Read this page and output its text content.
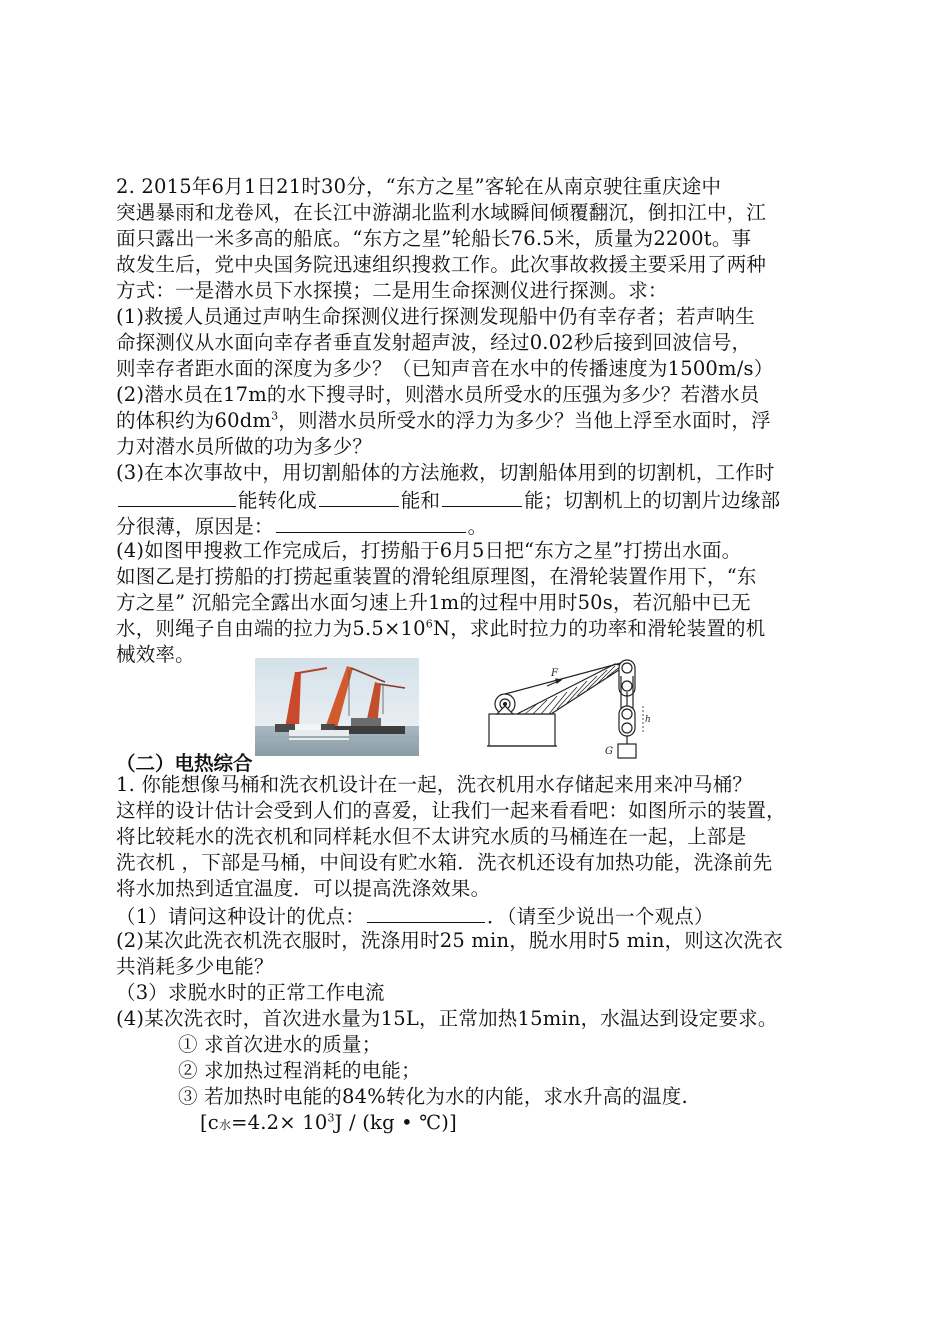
2. 2015年6月1日21时30分，“东方之星”客轮在从南京驶往重庆途中
突遇暴雨和龙卷风，在长江中游湖北监利水域瞬间倾覆翻沉，倒扣江中，江
面只露出一米多高的船底。“东方之星”轮船长76.5米，质量为2200t。事
故发生后，党中央国务院迅速组织搜救工作。此次事故救援主要采用了两种
方式：一是潜水员下水探摸；二是用生命探测仪进行探测。求：
(1)救援人员通过声呐生命探测仪进行探测发现船中仍有幸存者；若声呐生
命探测仪从水面向幸存者垂直发射超声波，经过0.02秒后接到回波信号，
则幸存者距水面的深度为多少？（已知声音在水中的传播速度为1500m/s）
(2)潜水员在17m的水下搜寻时，则潜水员所受水的压强为多少？若潜水员
的体积约为$60dm^3$，则潜水员所受水的浮力为多少？当他上浮至水面时，浮
力对潜水员所做的功为多少？
(3)在本次事故中，用切割船体的方法施救，切割船体用到的切割机，工作时
能转化成	能和	能；切割机上的切割片边缘部
分很薄，原因是：	。
(4)如图甲搜救工作完成后，打捞船于6月5日把“东方之星”打捞出水面。
如图乙是打捞船的打捞起重装置的滑轮组原理图，在滑轮装置作用下，“东
方之星” 沉船完全露出水面匀速上升1m的过程中用时50s，若沉船中已无
水，则绳子自由端的拉力为$5.5\times 10^6N$，求此时拉力的功率和滑轮装置的机
械效率。
F
G
h
（二）电热综合
1. 你能想像马桶和洗衣机设计在一起，洗衣机用水存储起来用来冲马桶？
这样的设计估计会受到人们的喜爱，让我们一起来看看吧：如图所示的装置，
将比较耗水的洗衣机和同样耗水但不太讲究水质的马桶连在一起，上部是
洗衣机 ，下部是马桶，中间设有贮水箱．洗衣机还设有加热功能，洗涤前先
将水加热到适宜温度．可以提高洗涤效果。
（1）请问这种设计的优点：	．（请至少说出一个观点）
(2)某次此洗衣机洗衣服时，洗涤用时25 min，脱水用时5 min，则这次洗衣
共消耗多少电能？
（3）求脱水时的正常工作电流
(4)某次洗衣时，首次进水量为15L，正常加热15min，水温达到设定要求。
① 求首次进水的质量；
② 求加热过程消耗的电能；
③ 若加热时电能的84%转化为水的内能，求水升高的温度.
[c水$=4.2\times 10^3J / (kg$ • ℃)]
